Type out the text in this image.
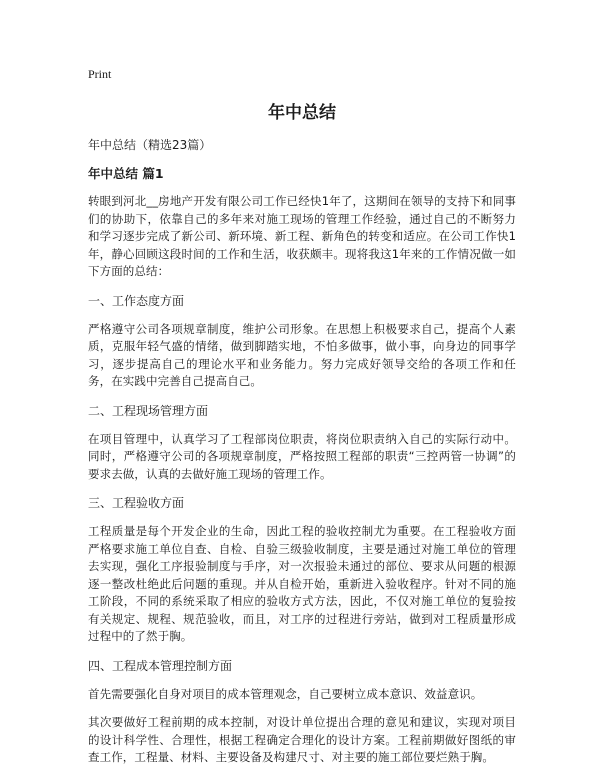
Print
年中总结
年中总结（精选23篇）
年中总结 篇1

转眼到河北__房地产开发有限公司工作已经快1年了，这期间在领导的支持下和同事们的协助下，依靠自己的多年来对施工现场的管理工作经验，通过自己的不断努力和学习逐步完成了新公司、新环境、新工程、新角色的转变和适应。在公司工作快1年，静心回顾这段时间的工作和生活，收获颇丰。现将我这1年来的工作情况做一如下方面的总结：

一、工作态度方面

严格遵守公司各项规章制度，维护公司形象。在思想上积极要求自己，提高个人素质，克服年轻气盛的情绪，做到脚踏实地，不怕多做事，做小事，向身边的同事学习，逐步提高自己的理论水平和业务能力。努力完成好领导交给的各项工作和任务，在实践中完善自己提高自己。

二、工程现场管理方面

在项目管理中，认真学习了工程部岗位职责，将岗位职责纳入自己的实际行动中。同时，严格遵守公司的各项规章制度，严格按照工程部的职责“三控两管一协调”的要求去做，认真的去做好施工现场的管理工作。

三、工程验收方面

工程质量是每个开发企业的生命，因此工程的验收控制尤为重要。在工程验收方面严格要求施工单位自查、自检、自验三级验收制度，主要是通过对施工单位的管理去实现，强化工序报验制度与手序，对一次报验未通过的部位、要求从问题的根源逐一整改杜绝此后问题的重现。并从自检开始，重新进入验收程序。针对不同的施工阶段，不同的系统采取了相应的验收方式方法，因此，不仅对施工单位的复验按有关规定、规程、规范验收，而且，对工序的过程进行旁站，做到对工程质量形成过程中的了然于胸。

四、工程成本管理控制方面

首先需要强化自身对项目的成本管理观念，自己要树立成本意识、效益意识。

其次要做好工程前期的成本控制，对设计单位提出合理的意见和建议，实现对项目的设计科学性、合理性，根据工程确定合理化的设计方案。工程前期做好图纸的审查工作，工程量、材料、主要设备及构建尺寸、对主要的施工部位要烂熟于胸。
